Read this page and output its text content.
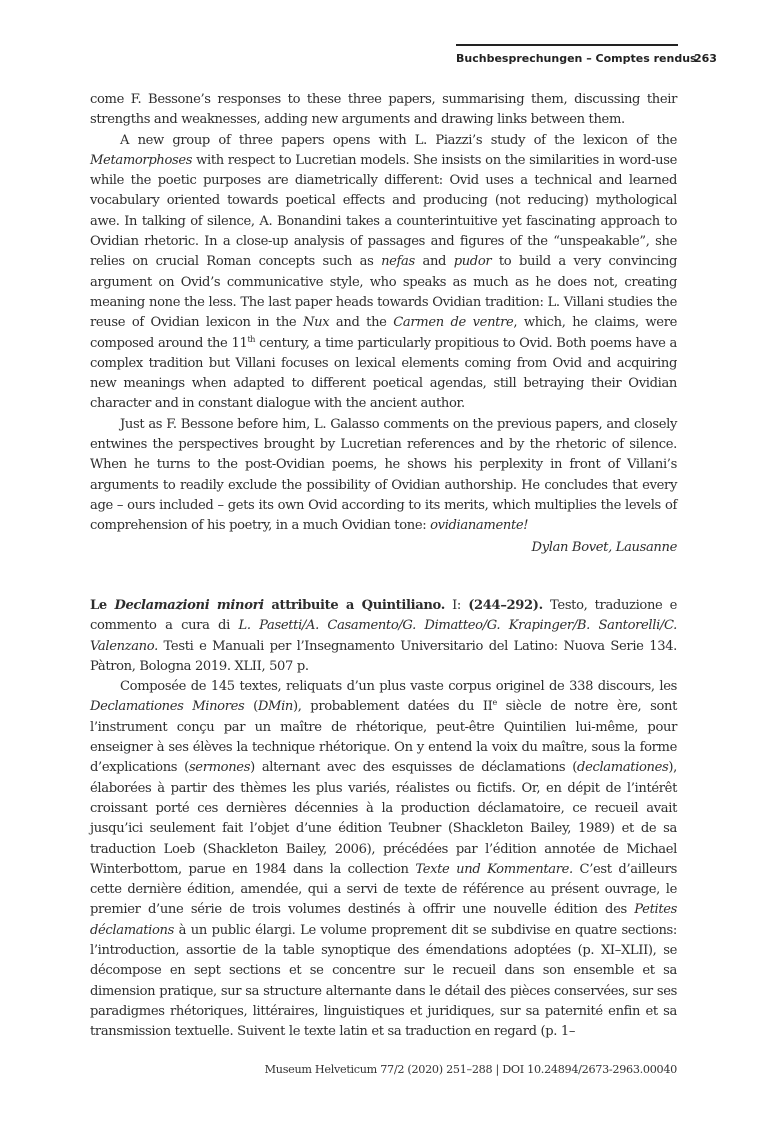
Buchbesprechungen – Comptes rendus
263

come F. Bessone’s responses to these three papers, summarising them, discussing their strengths and weaknesses, adding new arguments and drawing links between them.

A new group of three papers opens with L. Piazzi’s study of the lexicon of the Metamorphoses with respect to Lucretian models. She insists on the similarities in word-use while the poetic purposes are diametrically different: Ovid uses a technical and learned vocabulary oriented towards poetical effects and producing (not reducing) mythological awe. In talking of silence, A. Bonandini takes a counterintuitive yet fascinating approach to Ovidian rhetoric. In a close-up analysis of passages and figures of the “unspeakable”, she relies on crucial Roman concepts such as nefas and pudor to build a very convincing argument on Ovid’s communicative style, who speaks as much as he does not, creating meaning none the less. The last paper heads towards Ovidian tradition: L. Villani studies the reuse of Ovidian lexicon in the Nux and the Carmen de ventre, which, he claims, were composed around the 11th century, a time particularly propitious to Ovid. Both poems have a complex tradition but Villani focuses on lexical elements coming from Ovid and acquiring new meanings when adapted to different poetical agendas, still betraying their Ovidian character and in constant dialogue with the ancient author.

Just as F. Bessone before him, L. Galasso comments on the previous papers, and closely entwines the perspectives brought by Lucretian references and by the rhetoric of silence. When he turns to the post-Ovidian poems, he shows his perplexity in front of Villani’s arguments to readily exclude the possibility of Ovidian authorship. He concludes that every age – ours included – gets its own Ovid according to its merits, which multiplies the levels of comprehension of his poetry, in a much Ovidian tone: ovidianamente!

Dylan Bovet, Lausanne

Le Declamazioni minori attribuite a Quintiliano. I: (244–292). Testo, traduzione e commento a cura di L. Pasetti/A. Casamento/G. Dimatteo/G. Krapinger/B. Santorelli/C. Valenzano. Testi e Manuali per l’Insegnamento Universitario del Latino: Nuova Serie 134. Pàtron, Bologna 2019. XLII, 507 p.

Composée de 145 textes, reliquats d’un plus vaste corpus originel de 338 discours, les Declamationes Minores (DMin), probablement datées du IIe siècle de notre ère, sont l’instrument conçu par un maître de rhétorique, peut-être Quintilien lui-même, pour enseigner à ses élèves la technique rhétorique. On y entend la voix du maître, sous la forme d’explications (sermones) alternant avec des esquisses de déclamations (declamationes), élaborées à partir des thèmes les plus variés, réalistes ou fictifs. Or, en dépit de l’intérêt croissant porté ces dernières décennies à la production déclamatoire, ce recueil avait jusqu’ici seulement fait l’objet d’une édition Teubner (Shackleton Bailey, 1989) et de sa traduction Loeb (Shackleton Bailey, 2006), précédées par l’édition annotée de Michael Winterbottom, parue en 1984 dans la collection Texte und Kommentare. C’est d’ailleurs cette dernière édition, amendée, qui a servi de texte de référence au présent ouvrage, le premier d’une série de trois volumes destinés à offrir une nouvelle édition des Petites déclamations à un public élargi. Le volume proprement dit se subdivise en quatre sections: l’introduction, assortie de la table synoptique des émendations adoptées (p. XI–XLII), se décompose en sept sections et se concentre sur le recueil dans son ensemble et sa dimension pratique, sur sa structure alternante dans le détail des pièces conservées, sur ses paradigmes rhétoriques, littéraires, linguistiques et juridiques, sur sa paternité enfin et sa transmission textuelle. Suivent le texte latin et sa traduction en regard (p. 1–

Museum Helveticum 77/2 (2020) 251–288 | DOI 10.24894/2673-2963.00040
